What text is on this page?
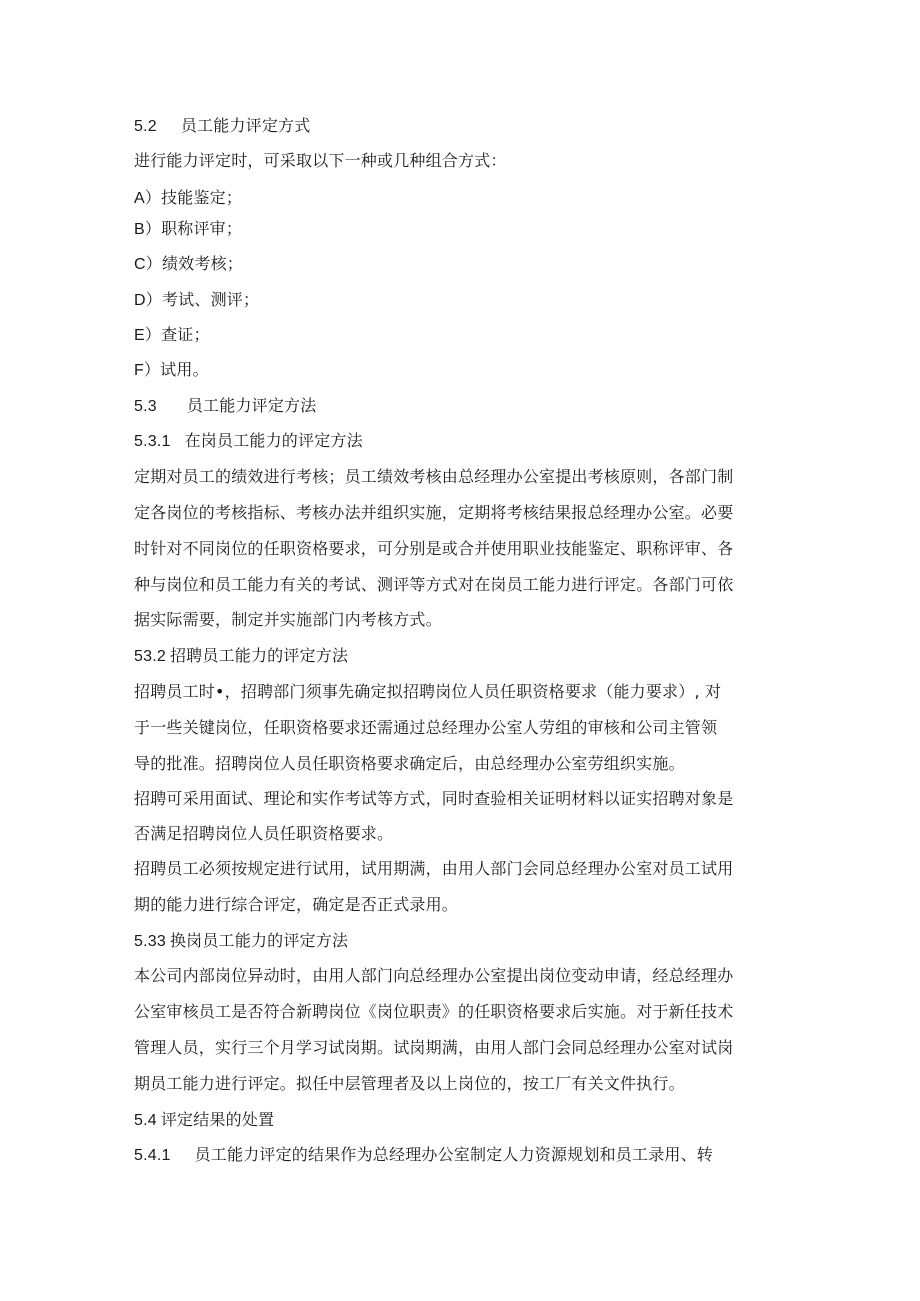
5.2 员工能力评定方式
进行能力评定时，可采取以下一种或几种组合方式：
A）技能鉴定；
B）职称评审；
C）绩效考核；
D）考试、测评；
E）查证；
F）试用。
5.3 员工能力评定方法
5.3.1 在岗员工能力的评定方法
定期对员工的绩效进行考核；员工绩效考核由总经理办公室提出考核原则，各部门制
定各岗位的考核指标、考核办法并组织实施，定期将考核结果报总经理办公室。必要
时针对不同岗位的任职资格要求，可分别是或合并使用职业技能鉴定、职称评审、各
种与岗位和员工能力有关的考试、测评等方式对在岗员工能力进行评定。各部门可依
据实际需要，制定并实施部门内考核方式。
53.2 招聘员工能力的评定方法
招聘员工时•，招聘部门须事先确定拟招聘岗位人员任职资格要求（能力要求）, 对
于一些关键岗位，任职资格要求还需通过总经理办公室人劳组的审核和公司主管领
导的批准。招聘岗位人员任职资格要求确定后，由总经理办公室劳组织实施。
招聘可采用面试、理论和实作考试等方式，同时查验相关证明材料以证实招聘对象是
否满足招聘岗位人员任职资格要求。
招聘员工必须按规定进行试用，试用期满，由用人部门会同总经理办公室对员工试用
期的能力进行综合评定，确定是否正式录用。
5.33 换岗员工能力的评定方法
本公司内部岗位异动时，由用人部门向总经理办公室提出岗位变动申请，经总经理办
公室审核员工是否符合新聘岗位《岗位职责》的任职资格要求后实施。对于新任技术
管理人员，实行三个月学习试岗期。试岗期满，由用人部门会同总经理办公室对试岗
期员工能力进行评定。拟任中层管理者及以上岗位的，按工厂有关文件执行。
5.4 评定结果的处置
5.4.1 员工能力评定的结果作为总经理办公室制定人力资源规划和员工录用、转
